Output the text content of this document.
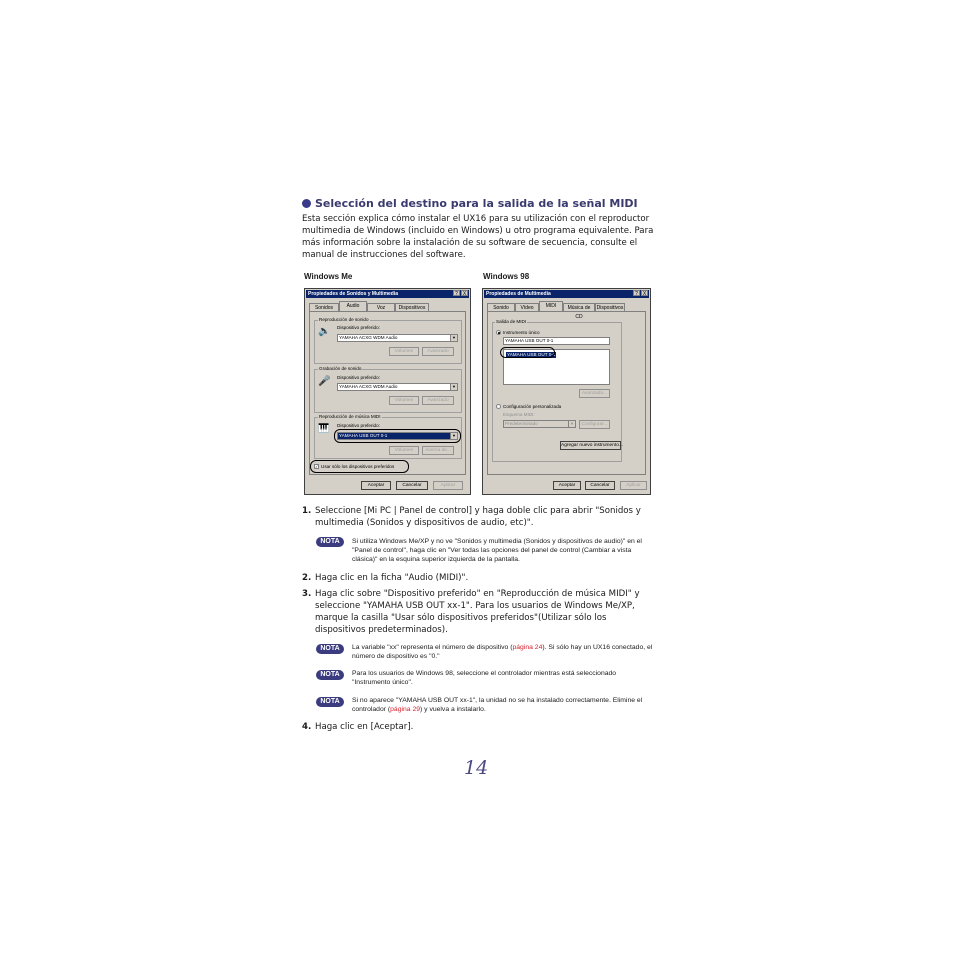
Selección del destino para la salida de la señal MIDI
Esta sección explica cómo instalar el UX16 para su utilización con el reproductor multimedia de Windows (incluido en Windows) u otro programa equivalente. Para más información sobre la instalación de su software de secuencia, consulte el manual de instrucciones del software.
Windows Me	Windows 98
Propiedades de Sonidos y Multimedia	? X
Sonidos	Audio	Voz	Dispositivos
Reproducción de sonido
🔈 Dispositivo preferido:
YAMAHA ACXG WDM Audio	▼
Volumen	Avanzado
Grabación de sonido
🎤 Dispositivo preferido:
YAMAHA ACXG WDM Audio	▼
Volumen	Avanzado
Reproducción de música MIDI
🎹 Dispositivo preferido:
YAMAHA USB OUT 0-1	▼
Volumen	Acerca de...
✓ Usar sólo los dispositivos preferidos
Aceptar	Cancelar	Aplicar
Propiedades de Multimedia	? X
Sonido	Vídeo	MIDI	Música de CD
Dispositivos
Salida de MIDI
Instrumento único
YAMAHA USB OUT 0-1
YAMAHA USB OUT 0-1
Avanzado...
Configuración personalizada
Esquema MIDI:
Predeterminado	▼	Configurar...
Agregar nuevo instrumento...
Aceptar	Cancelar	Aplicar
1. Seleccione [Mi PC | Panel de control] y haga doble clic para abrir "Sonidos y multimedia (Sonidos y dispositivos de audio, etc)".
NOTA	Si utiliza Windows Me/XP y no ve "Sonidos y multimedia (Sonidos y dispositivos de audio)" en el "Panel de control", haga clic en "Ver todas las opciones del panel de control (Cambiar a vista clásica)" en la esquina superior izquierda de la pantalla.
2. Haga clic en la ficha "Audio (MIDI)".
3. Haga clic sobre "Dispositivo preferido" en "Reproducción de música MIDI" y seleccione "YAMAHA USB OUT xx-1". Para los usuarios de Windows Me/XP, marque la casilla "Usar sólo dispositivos preferidos"(Utilizar sólo los dispositivos predeterminados).
NOTA	La variable "xx" representa el número de dispositivo (página 24). Si sólo hay un UX16 conectado, el número de dispositivo es "0."
NOTA	Para los usuarios de Windows 98, seleccione el controlador mientras está seleccionado "Instrumento único".
NOTA	Si no aparece "YAMAHA USB OUT xx-1", la unidad no se ha instalado correctamente. Elimine el controlador (página 29) y vuelva a instalarlo.
4. Haga clic en [Aceptar].
14
